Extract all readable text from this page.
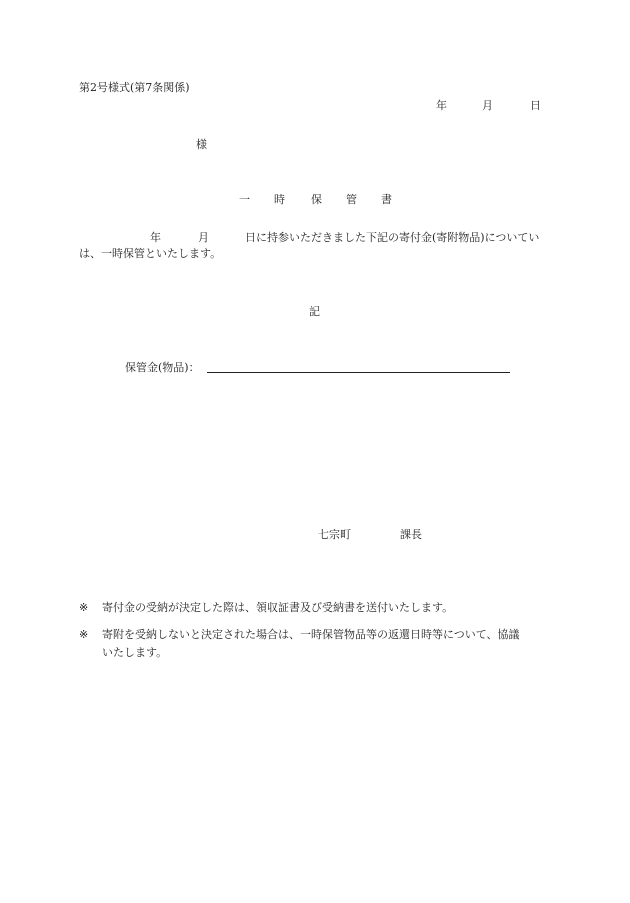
第2号様式(第7条関係)
年	月	日
様
一 時 保 管 書
年	月	日に持参いただきました下記の寄付金(寄附物品)についてい
は、一時保管といたします。
記
保管金(物品)：
七宗町	課長
※ 寄付金の受納が決定した際は、領収証書及び受納書を送付いたします。
※ 寄附を受納しないと決定された場合は、一時保管物品等の返還日時等について、協議
いたします。
